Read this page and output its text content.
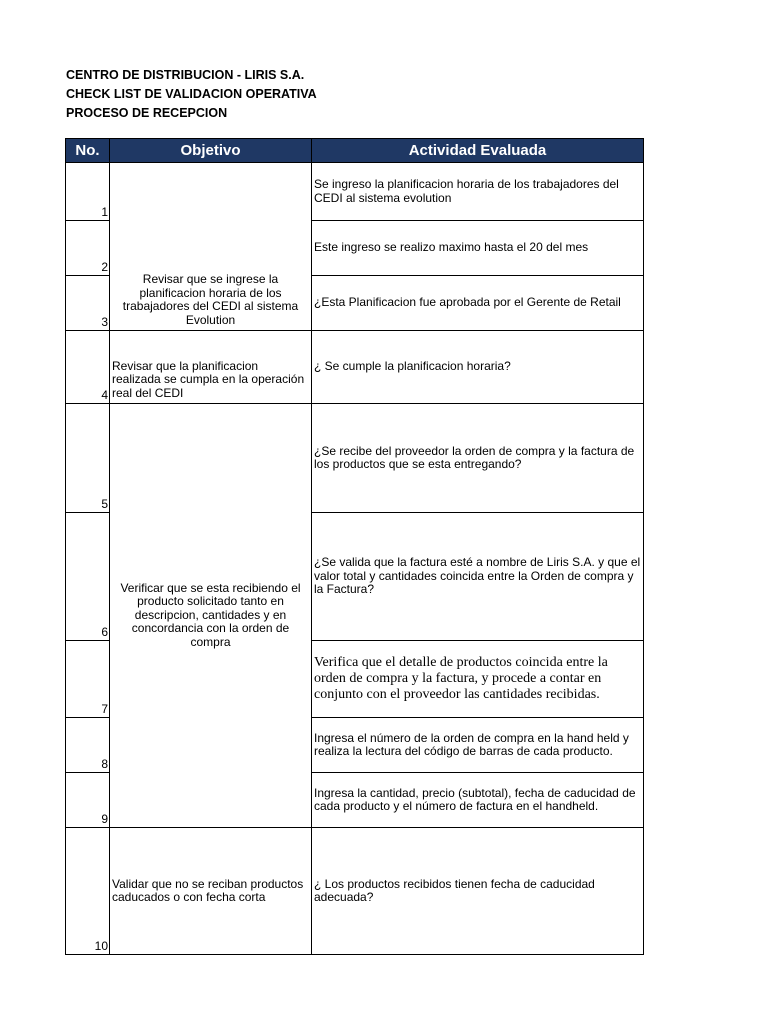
CENTRO DE DISTRIBUCION - LIRIS S.A.
CHECK LIST DE VALIDACION OPERATIVA
PROCESO DE RECEPCION
No.	Objetivo	Actividad Evaluada
1	Revisar que se ingrese la planificacion horaria de los trabajadores del CEDI al sistema Evolution	Se ingreso la planificacion horaria de los trabajadores del CEDI al sistema evolution
2		Este ingreso se realizo maximo hasta el 20 del mes
3		¿Esta Planificacion fue aprobada por el Gerente de Retail
4	Revisar que la planificacion realizada se cumpla en la operación real del CEDI	¿ Se cumple la planificacion horaria?
5	Verificar que se esta recibiendo el producto solicitado tanto en descripcion, cantidades y en concordancia con la orden de compra	¿Se recibe del proveedor la orden de compra y la factura de los productos que se esta entregando?
6		¿Se valida que la factura esté a nombre de Liris S.A. y que el valor total y cantidades coincida entre la Orden de compra y la Factura?
7		Verifica que el detalle de productos coincida entre la orden de compra y la factura, y procede a contar en conjunto con el proveedor las cantidades recibidas.
8		Ingresa el número de la orden de compra en la hand held y realiza la lectura del código de barras de cada producto.
9		Ingresa la cantidad, precio (subtotal), fecha de caducidad de cada producto y el número de factura en el handheld.
10	Validar que no se reciban productos caducados o con fecha corta	¿ Los productos recibidos tienen fecha de caducidad adecuada?
